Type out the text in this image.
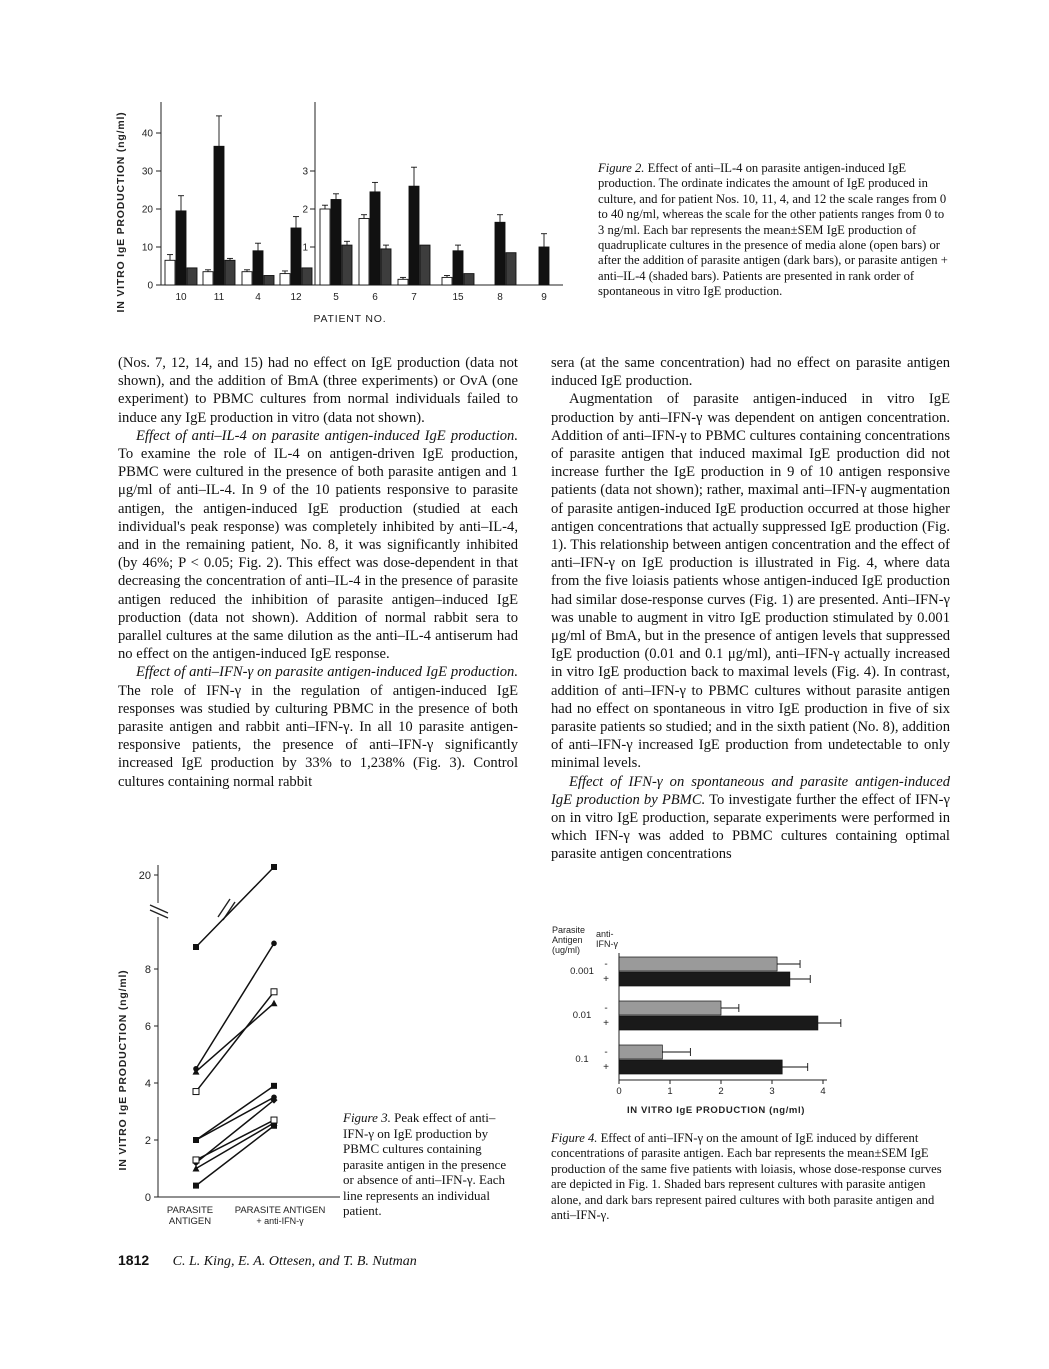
IN VITRO IgE PRODUCTION (ng/ml) 0
10
20
30
40
1
2
3
10	11	4	12	5	6	7	15	8	9
PATIENT NO.
Figure 2. Effect of anti–IL-4 on parasite antigen-induced IgE production. The ordinate indicates the amount of IgE produced in culture, and for patient Nos. 10, 11, 4, and 12 the scale ranges from 0 to 40 ng/ml, whereas the scale for the other patients ranges from 0 to 3 ng/ml. Each bar represents the mean±SEM IgE production of quadruplicate cultures in the presence of media alone (open bars) or after the addition of parasite antigen (dark bars), or parasite antigen + anti–IL-4 (shaded bars). Patients are presented in rank order of spontaneous in vitro IgE production.

(Nos. 7, 12, 14, and 15) had no effect on IgE production (data not shown), and the addition of BmA (three experiments) or OvA (one experiment) to PBMC cultures from normal individuals failed to induce any IgE production in vitro (data not shown).

Effect of anti–IL-4 on parasite antigen-induced IgE production. To examine the role of IL-4 on antigen-driven IgE production, PBMC were cultured in the presence of both parasite antigen and 1 μg/ml of anti–IL-4. In 9 of the 10 patients responsive to parasite antigen, the antigen-induced IgE production (studied at each individual's peak response) was completely inhibited by anti–IL-4, and in the remaining patient, No. 8, it was significantly inhibited (by 46%; P < 0.05; Fig. 2). This effect was dose-dependent in that decreasing the concentration of anti–IL-4 in the presence of parasite antigen reduced the inhibition of parasite antigen–induced IgE production (data not shown). Addition of normal rabbit sera to parallel cultures at the same dilution as the anti–IL-4 antiserum had no effect on the antigen-induced IgE response.

Effect of anti–IFN-γ on parasite antigen-induced IgE production. The role of IFN-γ in the regulation of antigen-induced IgE responses was studied by culturing PBMC in the presence of both parasite antigen and rabbit anti–IFN-γ. In all 10 parasite antigen-responsive patients, the presence of anti–IFN-γ significantly increased IgE production by 33% to 1,238% (Fig. 3). Control cultures containing normal rabbit

sera (at the same concentration) had no effect on parasite antigen induced IgE production.

Augmentation of parasite antigen-induced in vitro IgE production by anti–IFN-γ was dependent on antigen concentration. Addition of anti–IFN-γ to PBMC cultures containing concentrations of parasite antigen that induced maximal IgE production did not increase further the IgE production in 9 of 10 antigen responsive patients (data not shown); rather, maximal anti–IFN-γ augmentation of parasite antigen-induced IgE production occurred at those higher antigen concentrations that actually suppressed IgE production (Fig. 1). This relationship between antigen concentration and the effect of anti–IFN-γ on IgE production is illustrated in Fig. 4, where data from the five loiasis patients whose antigen-induced IgE production had similar dose-response curves (Fig. 1) are presented. Anti–IFN-γ was unable to augment in vitro IgE production stimulated by 0.001 μg/ml of BmA, but in the presence of antigen levels that suppressed IgE production (0.01 and 0.1 μg/ml), anti–IFN-γ actually increased in vitro IgE production back to maximal levels (Fig. 4). In contrast, addition of anti–IFN-γ to PBMC cultures without parasite antigen had no effect on spontaneous in vitro IgE production in five of six parasite patients so studied; and in the sixth patient (No. 8), addition of anti–IFN-γ increased IgE production from undetectable to only minimal levels.

Effect of IFN-γ on spontaneous and parasite antigen-induced IgE production by PBMC. To investigate further the effect of IFN-γ on in vitro IgE production, separate experiments were performed in which IFN-γ was added to PBMC cultures containing optimal parasite antigen concentrations

IN VITRO IgE PRODUCTION (ng/ml)
0
2
4
6
8
20
PARASITE
ANTIGEN
PARASITE ANTIGEN
+ anti-IFN-γ
Figure 3. Peak effect of anti–IFN-γ on IgE production by PBMC cultures containing parasite antigen in the presence or absence of anti–IFN-γ. Each line represents an individual patient.
Parasite
Antigen
(ug/ml)
anti-
IFN-γ
0	1	2	3	4
IN VITRO IgE PRODUCTION (ng/ml)
0.001
-
+
0.01
-
+
0.1
-
+
Figure 4. Effect of anti–IFN-γ on the amount of IgE induced by different concentrations of parasite antigen. Each bar represents the mean±SEM IgE production of the same five patients with loiasis, whose dose-response curves are depicted in Fig. 1. Shaded bars represent cultures with parasite antigen alone, and dark bars represent paired cultures with both parasite antigen and anti–IFN-γ.
1812 C. L. King, E. A. Ottesen, and T. B. Nutman
